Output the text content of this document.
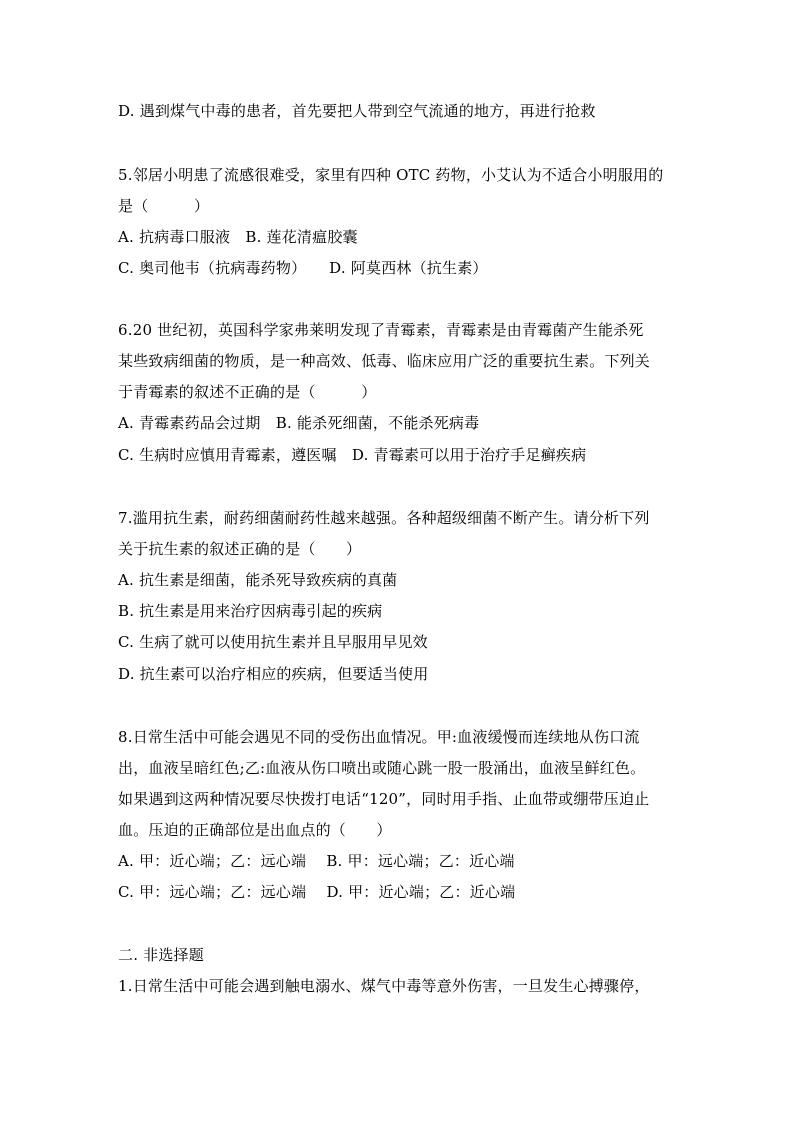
D. 遇到煤气中毒的患者，首先要把人带到空气流通的地方，再进行抢救
5.邻居小明患了流感很难受，家里有四种 OTC 药物，小艾认为不适合小明服用的
是（　　　）
A. 抗病毒口服液　B. 莲花清瘟胶囊
C. 奥司他韦（抗病毒药物）　　D. 阿莫西林（抗生素）
6.20 世纪初，英国科学家弗莱明发现了青霉素，青霉素是由青霉菌产生能杀死
某些致病细菌的物质，是一种高效、低毒、临床应用广泛的重要抗生素。下列关
于青霉素的叙述不正确的是（　　　）
A. 青霉素药品会过期　B. 能杀死细菌，不能杀死病毒
C. 生病时应慎用青霉素，遵医嘱　D. 青霉素可以用于治疗手足癣疾病
7.滥用抗生素，耐药细菌耐药性越来越强。各种超级细菌不断产生。请分析下列
关于抗生素的叙述正确的是（　　）
A. 抗生素是细菌，能杀死导致疾病的真菌
B. 抗生素是用来治疗因病毒引起的疾病
C. 生病了就可以使用抗生素并且早服用早见效
D. 抗生素可以治疗相应的疾病，但要适当使用
8.日常生活中可能会遇见不同的受伤出血情况。甲:血液缓慢而连续地从伤口流
出，血液呈暗红色;乙:血液从伤口喷出或随心跳一股一股涌出，血液呈鲜红色。
如果遇到这两种情况要尽快拨打电话“120”，同时用手指、止血带或绷带压迫止
血。压迫的正确部位是出血点的（　　）
A. 甲：近心端；乙：远心端　 B. 甲：远心端；乙：近心端
C. 甲：远心端；乙：远心端　 D. 甲：近心端；乙：近心端
二. 非选择题
1.日常生活中可能会遇到触电溺水、煤气中毒等意外伤害，一旦发生心搏骤停，
